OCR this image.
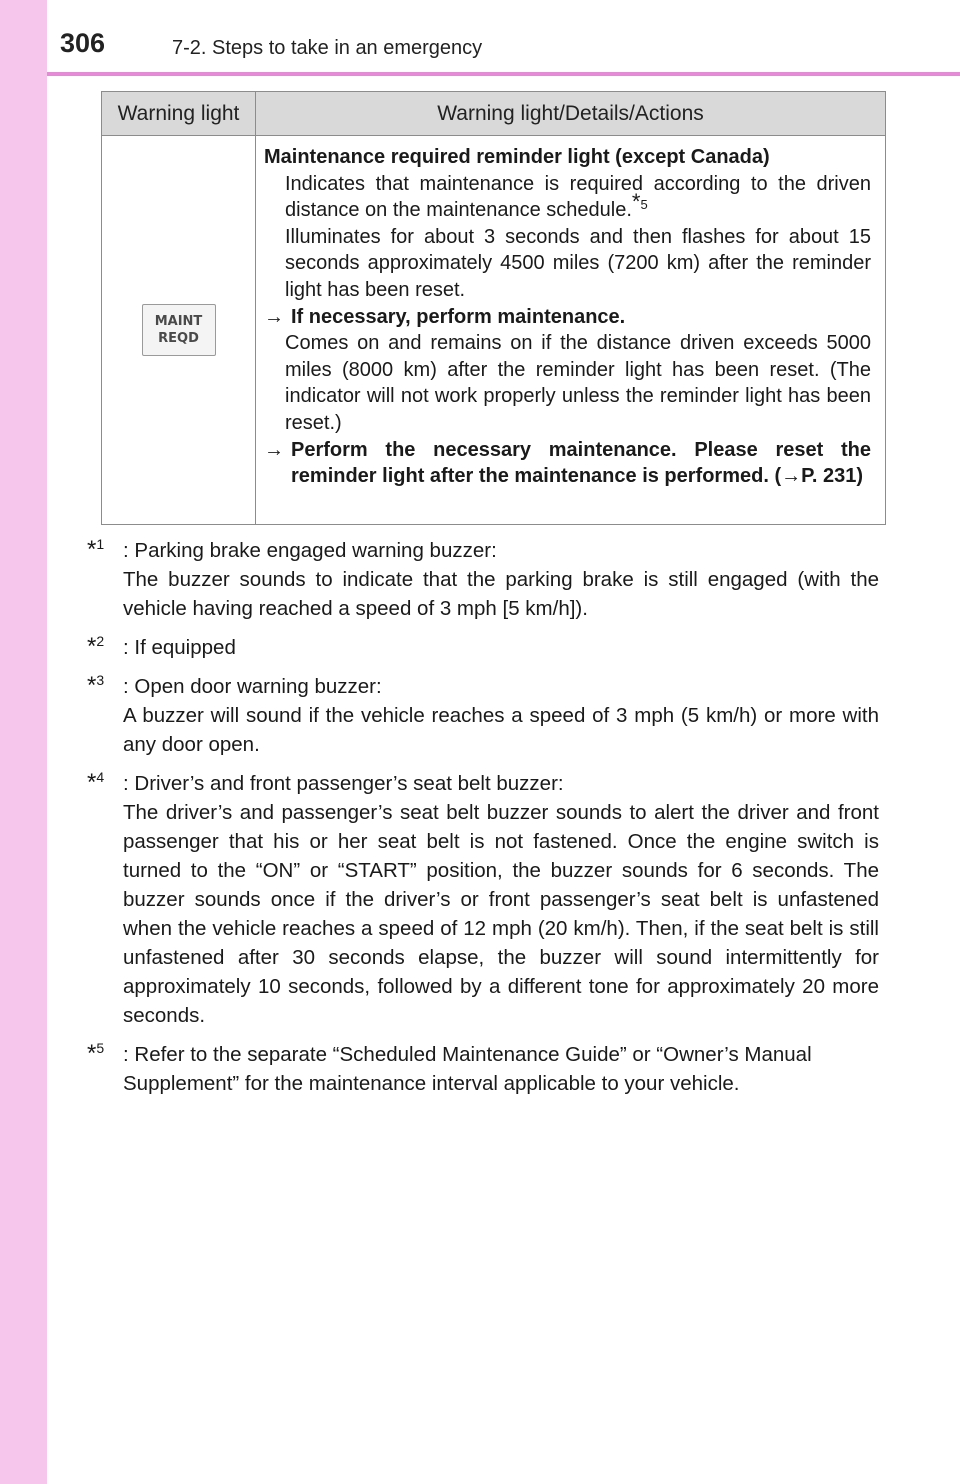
306	7-2. Steps to take in an emergency
Warning light	Warning light/Details/Actions
MAINT
REQD
Maintenance required reminder light (except Canada)
Indicates that maintenance is required according to the driven distance on the maintenance schedule.$^{*5}$
Illuminates for about 3 seconds and then flashes for about 15 seconds approximately 4500 miles (7200 km) after the reminder light has been reset.
→ If necessary, perform maintenance.
Comes on and remains on if the distance driven exceeds 5000 miles (8000 km) after the reminder light has been reset. (The indicator will not work properly unless the reminder light has been reset.)
→ Perform the necessary maintenance. Please reset the reminder light after the maintenance is performed. (→P. 231)
*$^1$ : Parking brake engaged warning buzzer:
The buzzer sounds to indicate that the parking brake is still engaged (with the vehicle having reached a speed of 3 mph [5 km/h]).
*$^2$ : If equipped
*$^3$ : Open door warning buzzer:
A buzzer will sound if the vehicle reaches a speed of 3 mph (5 km/h) or more with any door open.
*$^4$ : Driver’s and front passenger’s seat belt buzzer:
The driver’s and passenger’s seat belt buzzer sounds to alert the driver and front passenger that his or her seat belt is not fastened. Once the engine switch is turned to the “ON” or “START” position, the buzzer sounds for 6 seconds. The buzzer sounds once if the driver’s or front passenger’s seat belt is unfastened when the vehicle reaches a speed of 12 mph (20 km/h). Then, if the seat belt is still unfastened after 30 seconds elapse, the buzzer will sound intermittently for approximately 10 seconds, followed by a different tone for approximately 20 more seconds.
*$^5$ : Refer to the separate “Scheduled Maintenance Guide” or “Owner’s Manual
Supplement” for the maintenance interval applicable to your vehicle.
